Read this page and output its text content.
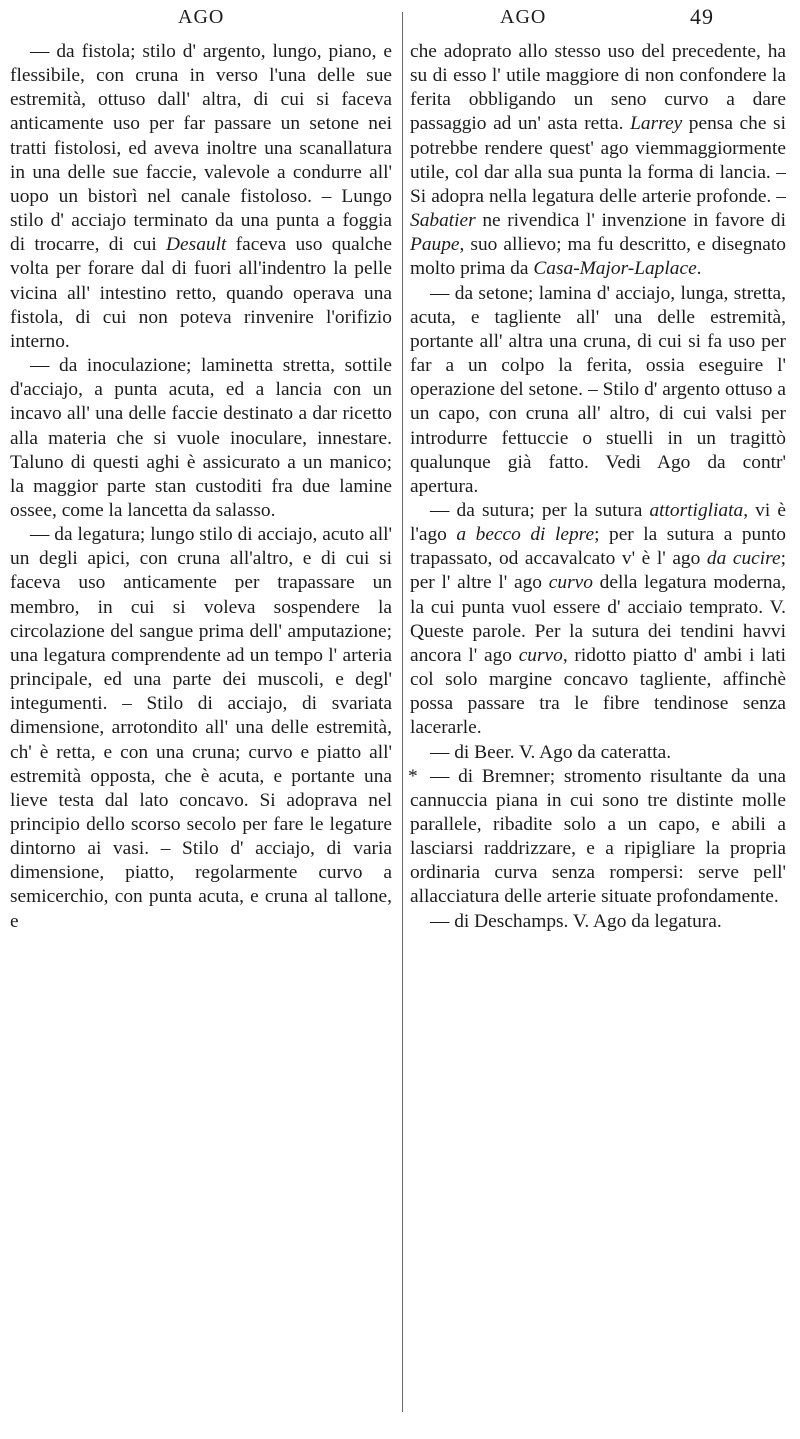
AGO

— da fistola; stilo d' argento, lungo, piano, e flessibile, con cruna in verso l'una delle sue estremità, ottuso dall' altra, di cui si faceva anticamente uso per far passare un setone nei tratti fistolosi, ed aveva inoltre una scanallatura in una delle sue faccie, valevole a condurre all' uopo un bistorì nel canale fistoloso. – Lungo stilo d' acciajo terminato da una punta a foggia di trocarre, di cui Desault faceva uso qualche volta per forare dal di fuori all'indentro la pelle vicina all' intestino retto, quando operava una fistola, di cui non poteva rinvenire l'orifizio interno.

— da inoculazione; laminetta stretta, sottile d'acciajo, a punta acuta, ed a lancia con un incavo all' una delle faccie destinato a dar ricetto alla materia che si vuole inoculare, innestare. Taluno di questi aghi è assicurato a un manico; la maggior parte stan custoditi fra due lamine ossee, come la lancetta da salasso.

— da legatura; lungo stilo di acciajo, acuto all' un degli apici, con cruna all'altro, e di cui si faceva uso anticamente per trapassare un membro, in cui si voleva sospendere la circolazione del sangue prima dell' amputazione; una legatura comprendente ad un tempo l' arteria principale, ed una parte dei muscoli, e degl' integumenti. – Stilo di acciajo, di svariata dimensione, arrotondito all' una delle estremità, ch' è retta, e con una cruna; curvo e piatto all' estremità opposta, che è acuta, e portante una lieve testa dal lato concavo. Si adoprava nel principio dello scorso secolo per fare le legature dintorno ai vasi. – Stilo d' acciajo, di varia dimensione, piatto, regolarmente curvo a semicerchio, con punta acuta, e cruna al tallone, e

AGO	49

che adoprato allo stesso uso del precedente, ha su di esso l' utile maggiore di non confondere la ferita obbligando un seno curvo a dare passaggio ad un' asta retta. Larrey pensa che si potrebbe rendere quest' ago viemmaggiormente utile, col dar alla sua punta la forma di lancia. – Si adopra nella legatura delle arterie profonde. – Sabatier ne rivendica l' invenzione in favore di Paupe, suo allievo; ma fu descritto, e disegnato molto prima da Casa-Major-Laplace.

— da setone; lamina d' acciajo, lunga, stretta, acuta, e tagliente all' una delle estremità, portante all' altra una cruna, di cui si fa uso per far a un colpo la ferita, ossia eseguire l' operazione del setone. – Stilo d' argento ottuso a un capo, con cruna all' altro, di cui valsi per introdurre fettuccie o stuelli in un tragittò qualunque già fatto. Vedi Ago da contr' apertura.

— da sutura; per la sutura attortigliata, vi è l'ago a becco di lepre; per la sutura a punto trapassato, od accavalcato v' è l' ago da cucire; per l' altre l' ago curvo della legatura moderna, la cui punta vuol essere d' acciaio temprato. V. Queste parole. Per la sutura dei tendini havvi ancora l' ago curvo, ridotto piatto d' ambi i lati col solo margine concavo tagliente, affinchè possa passare tra le fibre tendinose senza lacerarle.

— di Beer. V. Ago da cateratta.

* — di Bremner; stromento risultante da una cannuccia piana in cui sono tre distinte molle parallele, ribadite solo a un capo, e abili a lasciarsi raddrizzare, e a ripigliare la propria ordinaria curva senza rompersi: serve pell' allacciatura delle arterie situate profondamente.

— di Deschamps. V. Ago da legatura.
